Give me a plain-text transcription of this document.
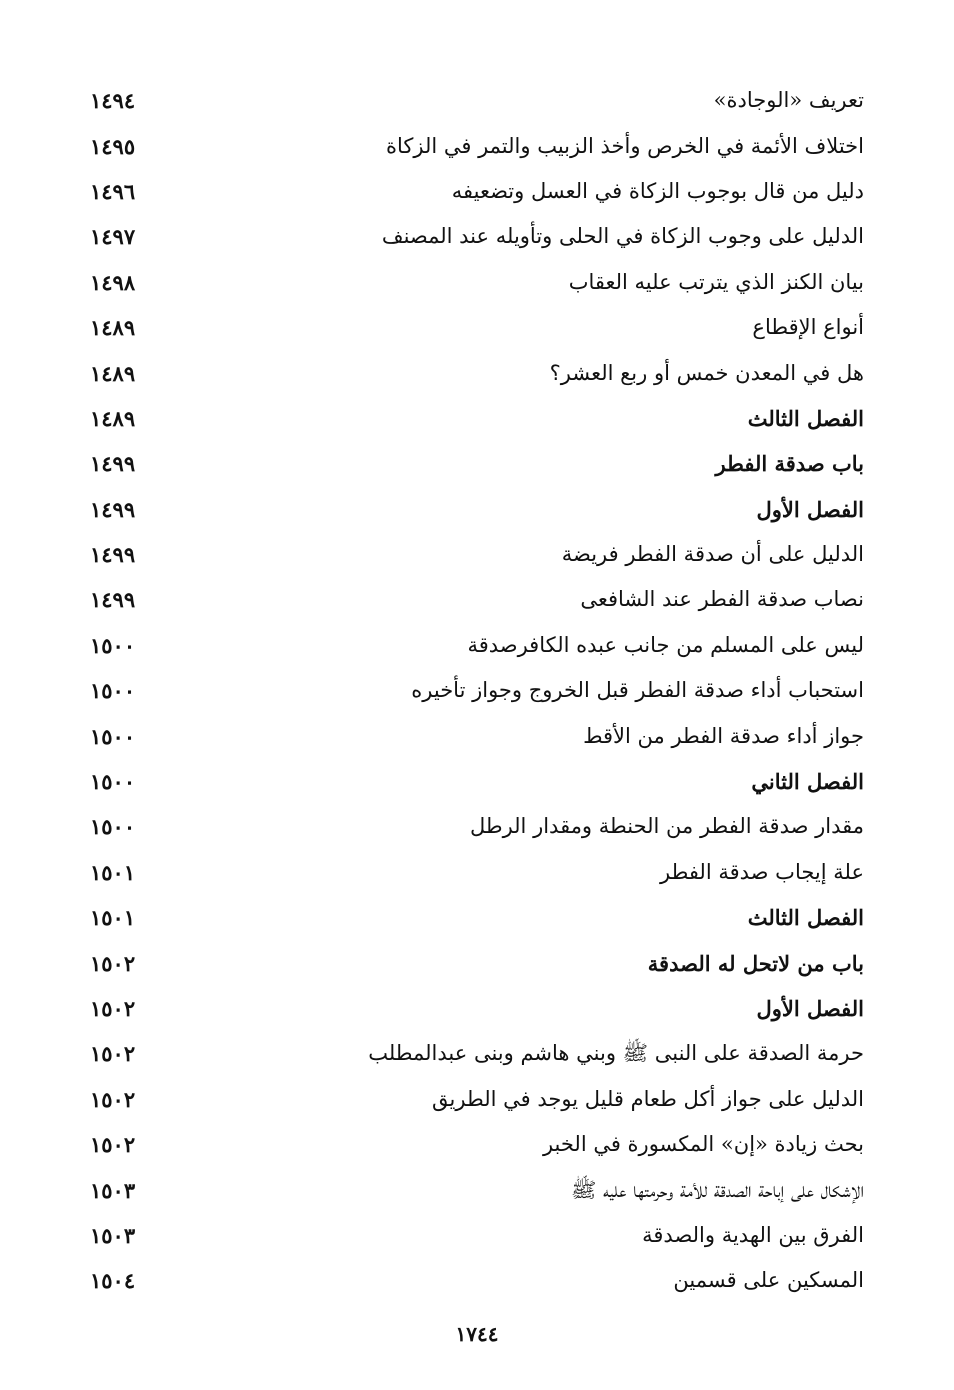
تعريف «الوجادة»
١٤٩٤
اختلاف الأئمة في الخرص وأخذ الزبيب والتمر في الزكاة
١٤٩٥
دليل من قال بوجوب الزكاة في العسل وتضعيفه
١٤٩٦
الدليل على وجوب الزكاة في الحلى وتأويله عند المصنف
١٤٩٧
بيان الكنز الذي يترتب عليه العقاب
١٤٩٨
أنواع الإقطاع
١٤٨٩
هل في المعدن خمس أو ربع العشر؟
١٤٨٩
الفصل الثالث
١٤٨٩
باب صدقة الفطر
١٤٩٩
الفصل الأول
١٤٩٩
الدليل على أن صدقة الفطر فريضة
١٤٩٩
نصاب صدقة الفطر عند الشافعى
١٤٩٩
ليس على المسلم من جانب عبده الكافرصدقة
١٥٠٠
استحباب أداء صدقة الفطر قبل الخروج وجواز تأخيره
١٥٠٠
جواز أداء صدقة الفطر من الأقط
١٥٠٠
الفصل الثاني
١٥٠٠
مقدار صدقة الفطر من الحنطة ومقدار الرطل
١٥٠٠
علة إيجاب صدقة الفطر
١٥٠١
الفصل الثالث
١٥٠١
باب من لاتحل له الصدقة
١٥٠٢
الفصل الأول
١٥٠٢
حرمة الصدقة على النبى ﷺ وبني هاشم وبنى عبدالمطلب
١٥٠٢
الدليل على جواز أكل طعام قليل يوجد في الطريق
١٥٠٢
بحث زيادة «إن» المكسورة في الخبر
١٥٠٢
الإشكال على إباحة الصدقة للأمة وحرمتها عليه ﷺ
١٥٠٣
الفرق بين الهدية والصدقة
١٥٠٣
المسكين على قسمين
١٥٠٤
١٧٤٤
